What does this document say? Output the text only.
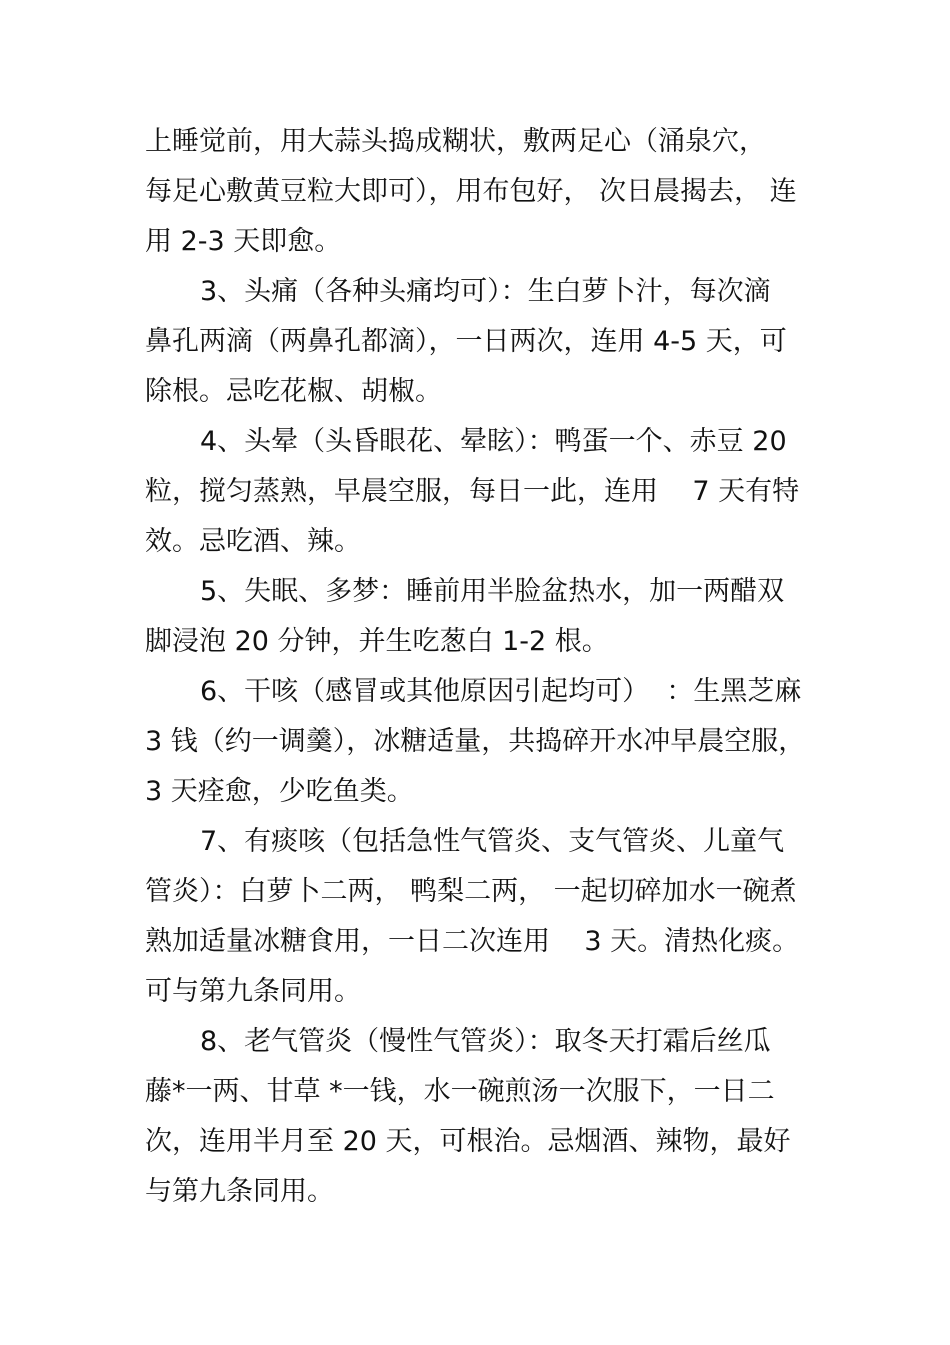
上睡觉前，用大蒜头捣成糊状，敷两足心（涌泉穴，
每足心敷黄豆粒大即可），用布包好， 次日晨揭去， 连
用 2-3 天即愈。
3、头痛（各种头痛均可）：生白萝卜汁，每次滴
鼻孔两滴（两鼻孔都滴），一日两次，连用 4-5 天，可
除根。忌吃花椒、胡椒。
4、头晕（头昏眼花、晕眩）：鸭蛋一个、赤豆 20
粒，搅匀蒸熟，早晨空服，每日一此，连用    7 天有特
效。忌吃酒、辣。
5、失眠、多梦：睡前用半脸盆热水，加一两醋双
脚浸泡 20 分钟，并生吃葱白 1-2 根。
6、干咳（感冒或其他原因引起均可）  ：生黑芝麻
3 钱（约一调羹），冰糖适量，共捣碎开水冲早晨空服，
3 天痊愈，少吃鱼类。
7、有痰咳（包括急性气管炎、支气管炎、儿童气
管炎）：白萝卜二两， 鸭梨二两， 一起切碎加水一碗煮
熟加适量冰糖食用，一日二次连用    3 天。清热化痰。
可与第九条同用。
8、老气管炎（慢性气管炎）：取冬天打霜后丝瓜
藤*一两、甘草 *一钱，水一碗煎汤一次服下，一日二
次，连用半月至 20 天，可根治。忌烟酒、辣物，最好
与第九条同用。
